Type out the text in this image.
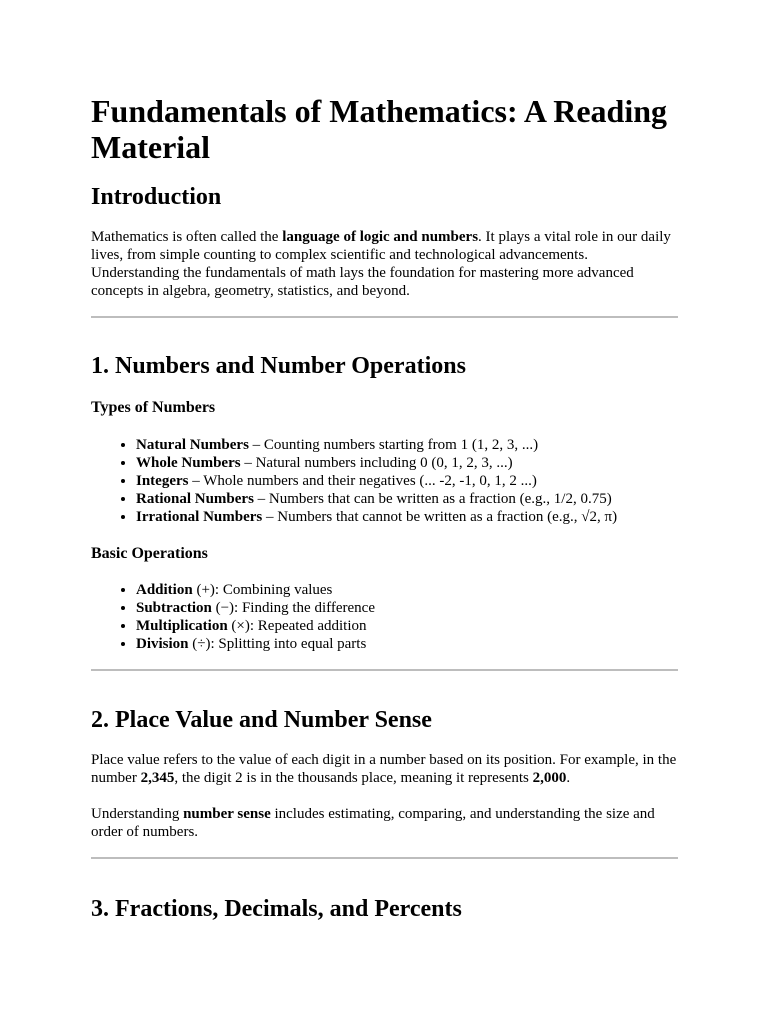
Fundamentals of Mathematics: A Reading Material
Introduction

Mathematics is often called the language of logic and numbers. It plays a vital role in our daily lives, from simple counting to complex scientific and technological advancements. Understanding the fundamentals of math lays the foundation for mastering more advanced concepts in algebra, geometry, statistics, and beyond.

1. Numbers and Number Operations
Types of Numbers
• Natural Numbers – Counting numbers starting from 1 (1, 2, 3, ...)
• Whole Numbers – Natural numbers including 0 (0, 1, 2, 3, ...)
• Integers – Whole numbers and their negatives (... -2, -1, 0, 1, 2 ...)
• Rational Numbers – Numbers that can be written as a fraction (e.g., 1/2, 0.75)
• Irrational Numbers – Numbers that cannot be written as a fraction (e.g., √2, π)
Basic Operations
• Addition (+): Combining values
• Subtraction (−): Finding the difference
• Multiplication (×): Repeated addition
• Division (÷): Splitting into equal parts
2. Place Value and Number Sense

Place value refers to the value of each digit in a number based on its position. For example, in the number 2,345, the digit 2 is in the thousands place, meaning it represents 2,000.

Understanding number sense includes estimating, comparing, and understanding the size and order of numbers.

3. Fractions, Decimals, and Percents
